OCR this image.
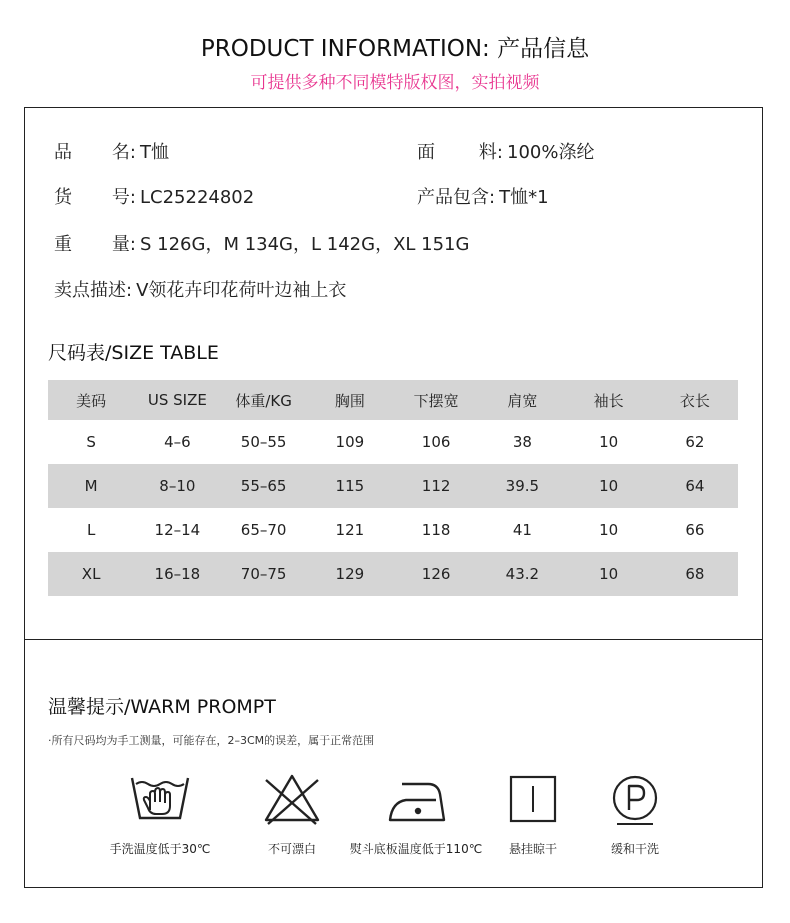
PRODUCT INFORMATION: 产品信息
可提供多种不同模特版权图，实拍视频
品 名: T恤	面 料: 100%涤纶
货 号: LC25224802	产品包含: T恤*1
重 量: S 126G，M 134G，L 142G，XL 151G
卖点描述: V领花卉印花荷叶边袖上衣
尺码表/SIZE TABLE
美码	US SIZE	体重/KG	胸围	下摆宽	肩宽	袖长	衣长
S	4–6	50–55	109	106	38	10	62
M	8–10	55–65	115	112	39.5	10	64
L	12–14	65–70	121	118	41	10	66
XL	16–18	70–75	129	126	43.2	10	68
温馨提示/WARM PROMPT
·所有尺码均为手工测量，可能存在，2–3CM的误差，属于正常范围
手洗温度低于30℃	不可漂白	熨斗底板温度低于110℃	悬挂晾干	缓和干洗
